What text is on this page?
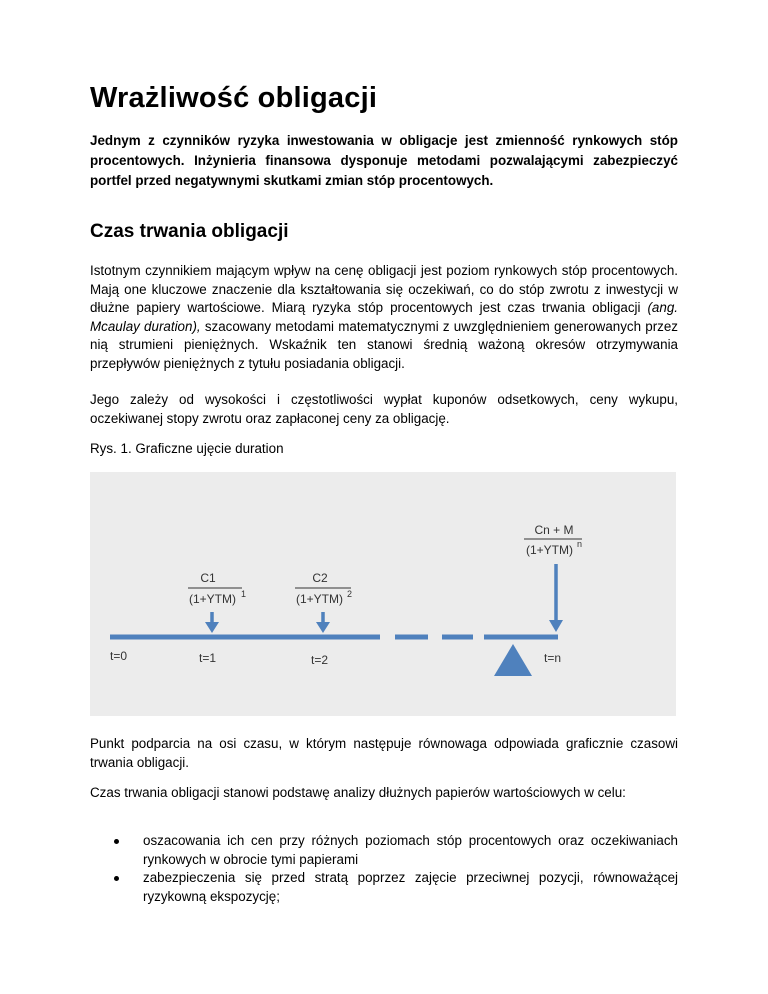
Wrażliwość obligacji

Jednym z czynników ryzyka inwestowania w obligacje jest zmienność rynkowych stóp procentowych. Inżynieria finansowa dysponuje metodami pozwalającymi zabezpieczyć portfel przed negatywnymi skutkami zmian stóp procentowych.

Czas trwania obligacji

Istotnym czynnikiem mającym wpływ na cenę obligacji jest poziom rynkowych stóp procentowych. Mają one kluczowe znaczenie dla kształtowania się oczekiwań, co do stóp zwrotu z inwestycji w dłużne papiery wartościowe. Miarą ryzyka stóp procentowych jest czas trwania obligacji (ang. Mcaulay duration), szacowany metodami matematycznymi z uwzględnieniem generowanych przez nią strumieni pieniężnych. Wskaźnik ten stanowi średnią ważoną okresów otrzymywania przepływów pieniężnych z tytułu posiadania obligacji.

Jego zależy od wysokości i częstotliwości wypłat kuponów odsetkowych, ceny wykupu, oczekiwanej stopy zwrotu oraz zapłaconej ceny za obligację.

Rys. 1. Graficzne ujęcie duration

Punkt podparcia na osi czasu, w którym następuje równowaga odpowiada graficznie czasowi trwania obligacji.

Czas trwania obligacji stanowi podstawę analizy dłużnych papierów wartościowych w celu:

oszacowania ich cen przy różnych poziomach stóp procentowych oraz oczekiwaniach rynkowych w obrocie tymi papierami
zabezpieczenia się przed stratą poprzez zajęcie przeciwnej pozycji, równoważącej ryzykowną ekspozycję;
C1
(1+YTM) 1
C2
(1+YTM) 2
Cn + M
(1+YTM) n
t=0	t=1	t=2	t=n
